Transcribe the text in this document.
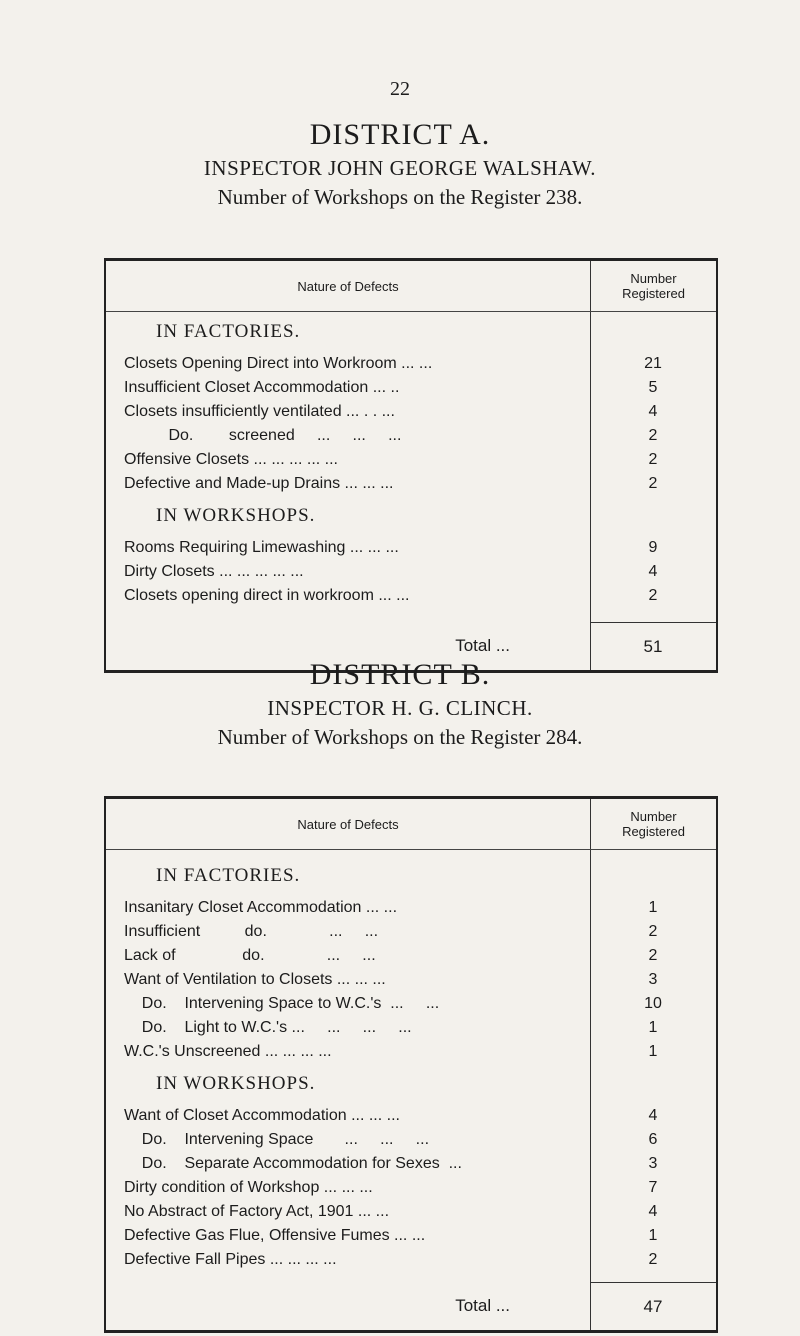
22
DISTRICT A.
INSPECTOR JOHN GEORGE WALSHAW.
Number of Workshops on the Register 238.
Nature of Defects	Number
Registered
IN FACTORIES.
Closets Opening Direct into Workroom ... ...	21
Insufficient Closet Accommodation ... ..	5
Closets insufficiently ventilated ... . . ...	4
Do.        screened     ...     ...     ...	2
Offensive Closets ... ... ... ... ...	2
Defective and Made-up Drains ... ... ...	2
IN WORKSHOPS.
Rooms Requiring Limewashing ... ... ...	9
Dirty Closets ... ... ... ... ...	4
Closets opening direct in workroom ... ...	2
Total ...	51
DISTRICT B.
INSPECTOR H. G. CLINCH.
Number of Workshops on the Register 284.
Nature of Defects	Number
Registered
IN FACTORIES.
Insanitary Closet Accommodation ... ...	1
Insufficient          do.              ...     ...	2
Lack of               do.              ...     ...	2
Want of Ventilation to Closets ... ... ...	3
Do.    Intervening Space to W.C.'s  ...     ...	10
Do.    Light to W.C.'s ...     ...     ...     ...	1
W.C.'s Unscreened ... ... ... ...	1
IN WORKSHOPS.
Want of Closet Accommodation ... ... ...	4
Do.    Intervening Space       ...     ...     ...	6
Do.    Separate Accommodation for Sexes  ...	3
Dirty condition of Workshop ... ... ...	7
No Abstract of Factory Act, 1901 ... ...	4
Defective Gas Flue, Offensive Fumes ... ...	1
Defective Fall Pipes ... ... ... ...	2
Total ...	47
